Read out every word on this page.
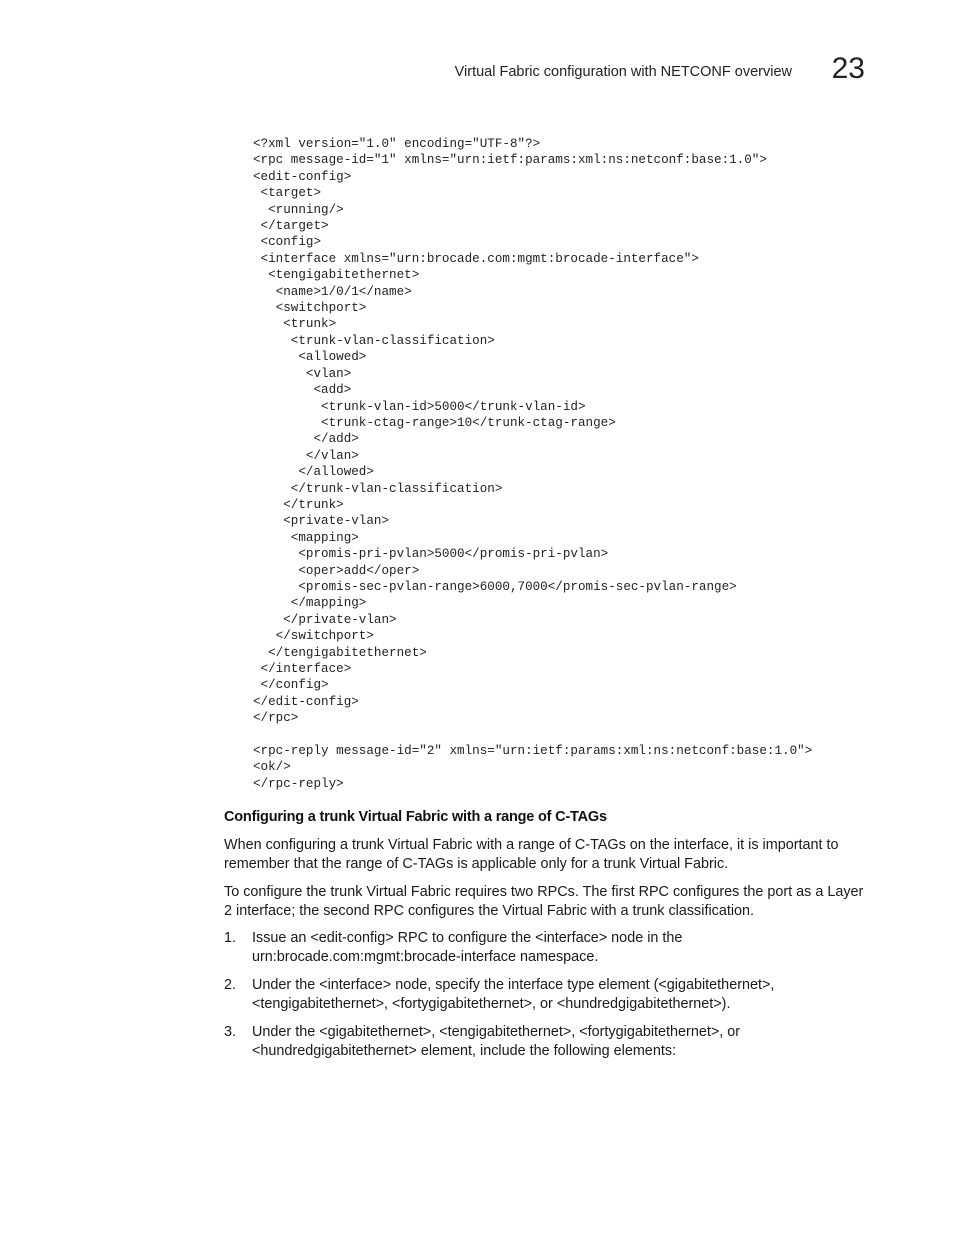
Virtual Fabric configuration with NETCONF overview 23
<?xml version="1.0" encoding="UTF-8"?>
<rpc message-id="1" xmlns="urn:ietf:params:xml:ns:netconf:base:1.0">
<edit-config>
<target>
<running/>
</target>
<config>
<interface xmlns="urn:brocade.com:mgmt:brocade-interface">
<tengigabitethernet>
<name>1/0/1</name>
<switchport>
<trunk>
<trunk-vlan-classification>
<allowed>
<vlan>
<add>
<trunk-vlan-id>5000</trunk-vlan-id>
<trunk-ctag-range>10</trunk-ctag-range>
</add>
</vlan>
</allowed>
</trunk-vlan-classification>
</trunk>
<private-vlan>
<mapping>
<promis-pri-pvlan>5000</promis-pri-pvlan>
<oper>add</oper>
<promis-sec-pvlan-range>6000,7000</promis-sec-pvlan-range>
</mapping>
</private-vlan>
</switchport>
</tengigabitethernet>
</interface>
</config>
</edit-config>
</rpc>
<rpc-reply message-id="2" xmlns="urn:ietf:params:xml:ns:netconf:base:1.0">
<ok/>
</rpc-reply>
Configuring a trunk Virtual Fabric with a range of C-TAGs

When configuring a trunk Virtual Fabric with a range of C-TAGs on the interface, it is important to remember that the range of C-TAGs is applicable only for a trunk Virtual Fabric.

To configure the trunk Virtual Fabric requires two RPCs. The first RPC configures the port as a Layer 2 interface; the second RPC configures the Virtual Fabric with a trunk classification.

1. Issue an <edit-config> RPC to configure the <interface> node in the urn:brocade.com:mgmt:brocade-interface namespace.
2. Under the <interface> node, specify the interface type element (<gigabitethernet>, <tengigabitethernet>, <fortygigabitethernet>, or <hundredgigabitethernet>).
3. Under the <gigabitethernet>, <tengigabitethernet>, <fortygigabitethernet>, or <hundredgigabitethernet> element, include the following elements:
